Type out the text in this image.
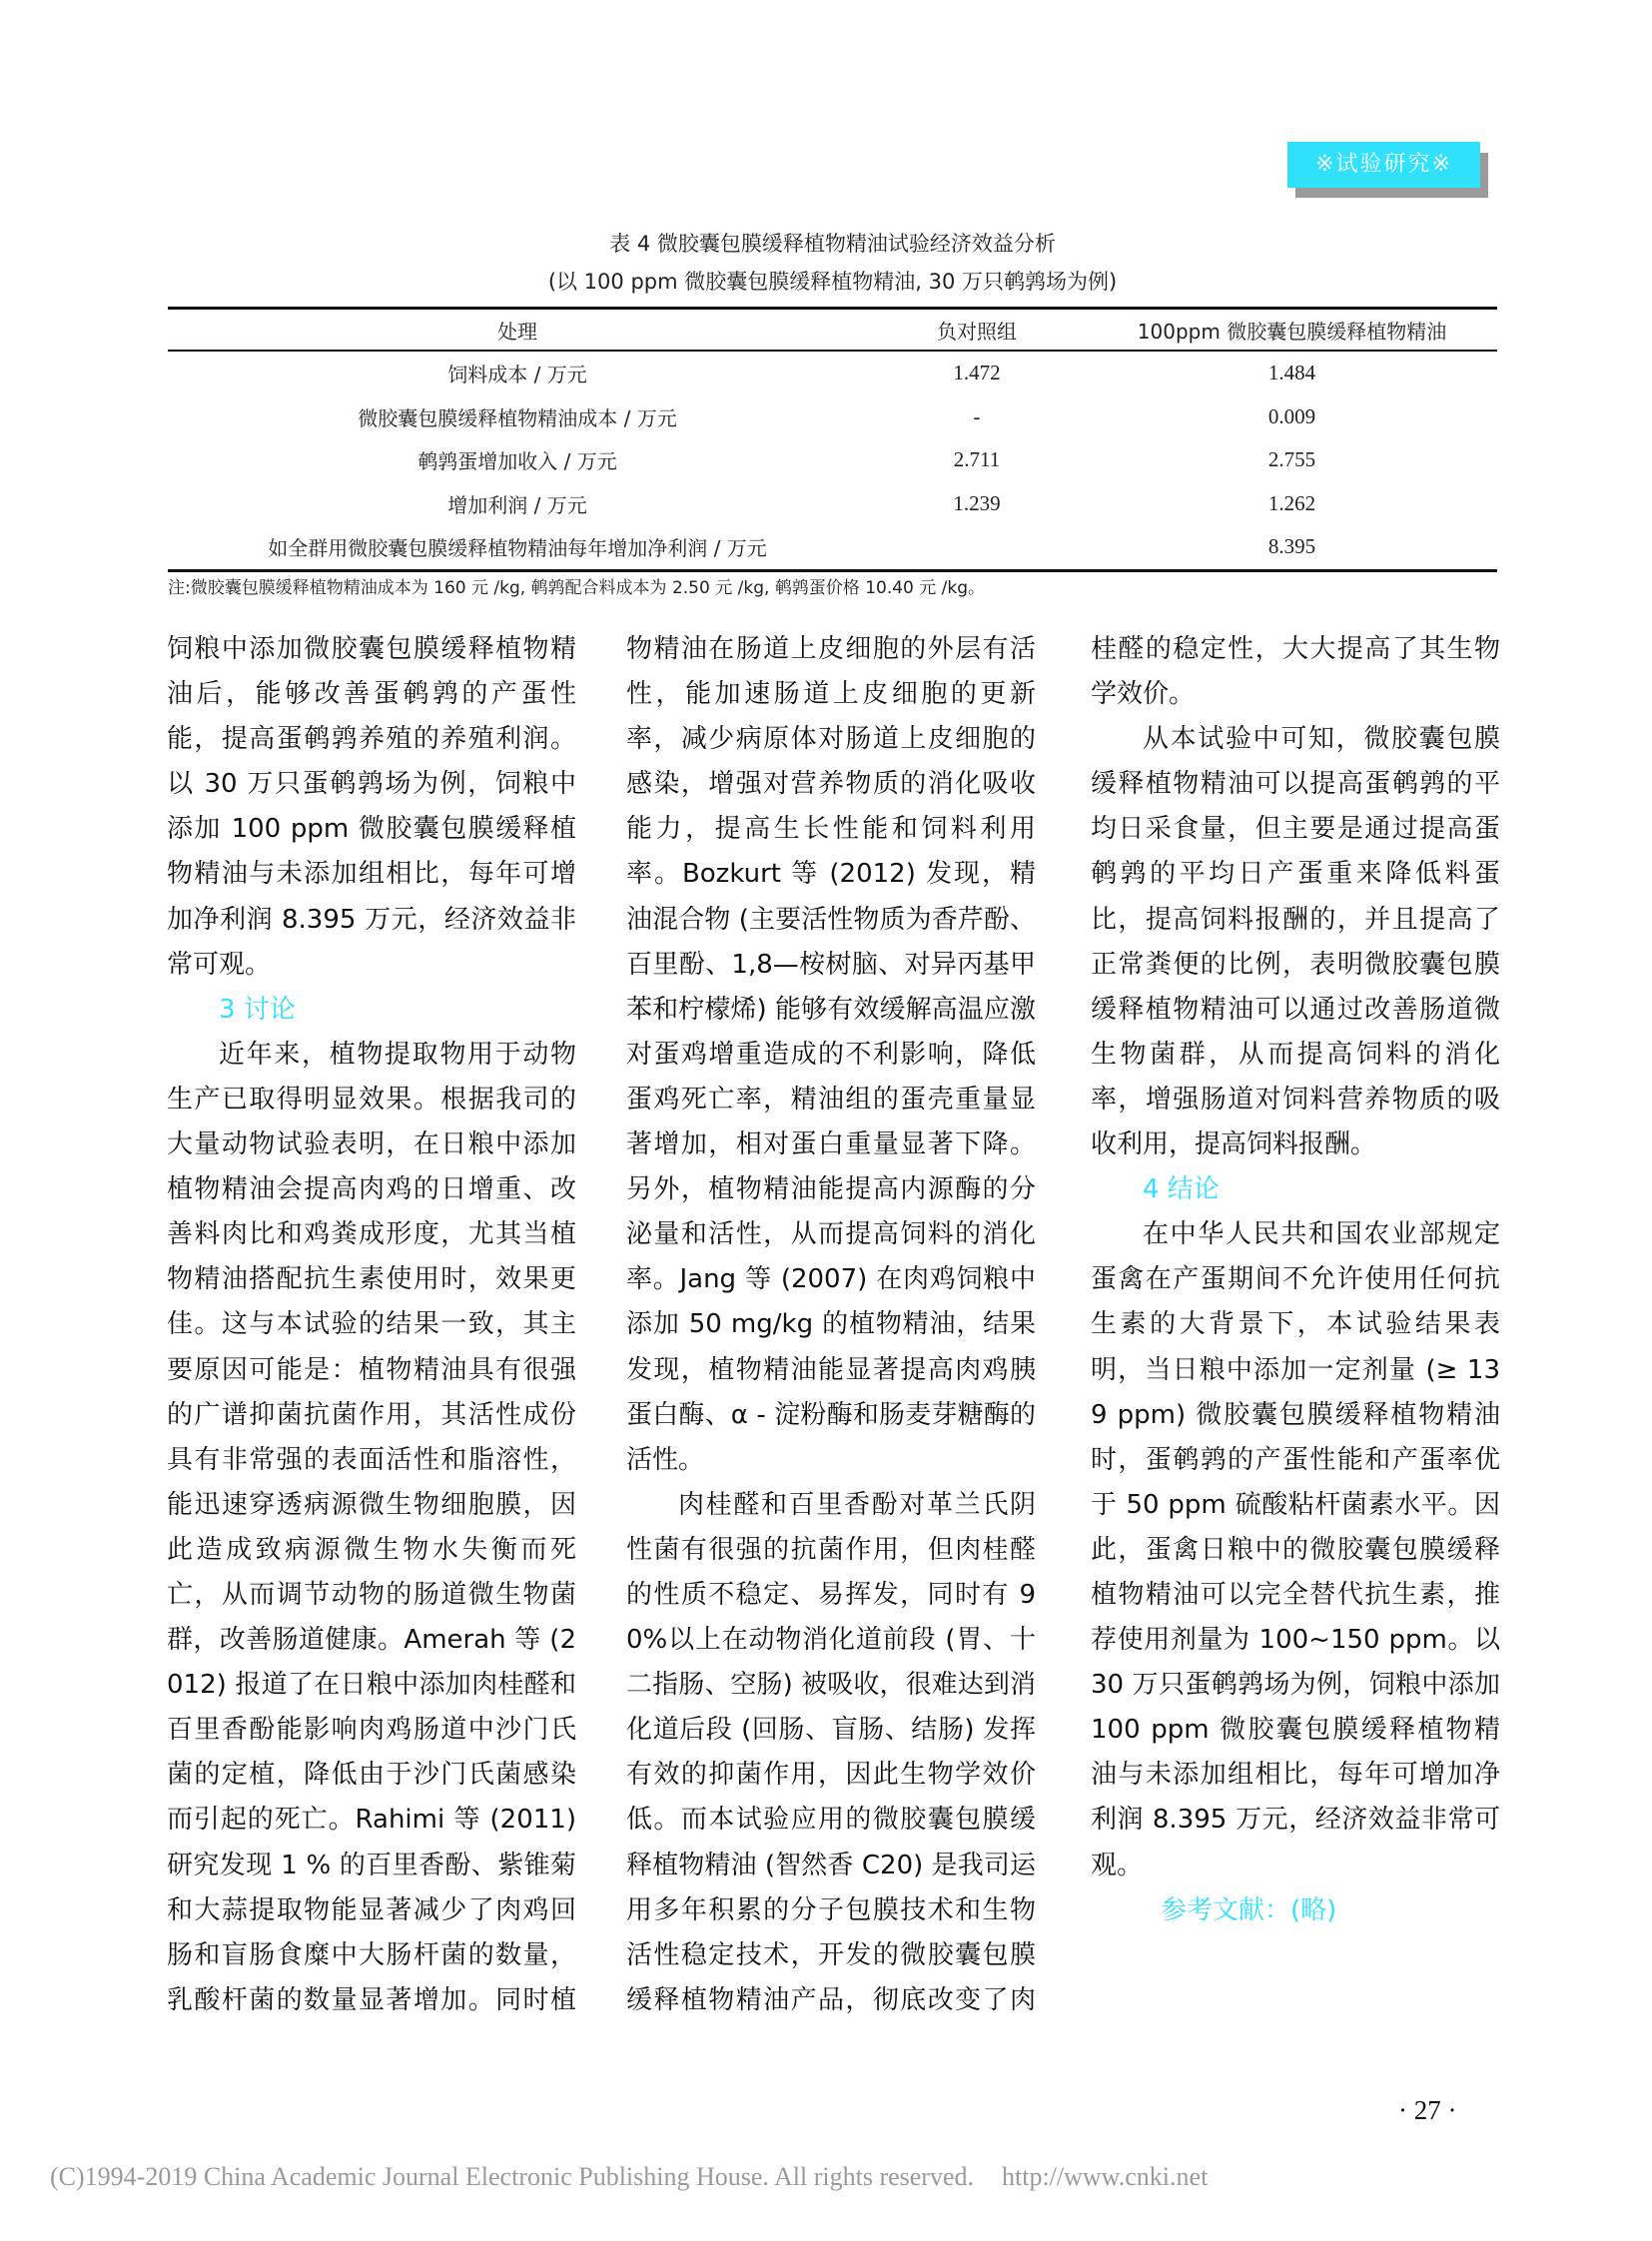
※试验研究※
表 4 微胶囊包膜缓释植物精油试验经济效益分析
(以 100 ppm 微胶囊包膜缓释植物精油, 30 万只鹌鹑场为例)
处理	负对照组	100ppm 微胶囊包膜缓释植物精油
饲料成本 / 万元	1.472	1.484
微胶囊包膜缓释植物精油成本 / 万元	-	0.009
鹌鹑蛋增加收入 / 万元	2.711	2.755
增加利润 / 万元	1.239	1.262
如全群用微胶囊包膜缓释植物精油每年增加净利润 / 万元		8.395
注:微胶囊包膜缓释植物精油成本为 160 元 /kg, 鹌鹑配合料成本为 2.50 元 /kg, 鹌鹑蛋价格 10.40 元 /kg。

饲粮中添加微胶囊包膜缓释植物精油后，能够改善蛋鹌鹑的产蛋性能，提高蛋鹌鹑养殖的养殖利润。以 30 万只蛋鹌鹑场为例，饲粮中添加 100 ppm 微胶囊包膜缓释植物精油与未添加组相比，每年可增加净利润 8.395 万元，经济效益非常可观。

3 讨论

近年来，植物提取物用于动物生产已取得明显效果。根据我司的大量动物试验表明，在日粮中添加植物精油会提高肉鸡的日增重、改善料肉比和鸡粪成形度，尤其当植物精油搭配抗生素使用时，效果更佳。这与本试验的结果一致，其主要原因可能是：植物精油具有很强的广谱抑菌抗菌作用，其活性成份具有非常强的表面活性和脂溶性，能迅速穿透病源微生物细胞膜，因此造成致病源微生物水失衡而死亡，从而调节动物的肠道微生物菌群，改善肠道健康。Amerah 等 (2012) 报道了在日粮中添加肉桂醛和百里香酚能影响肉鸡肠道中沙门氏菌的定植，降低由于沙门氏菌感染而引起的死亡。Rahimi 等 (2011) 研究发现 1 % 的百里香酚、紫锥菊和大蒜提取物能显著减少了肉鸡回肠和盲肠食糜中大肠杆菌的数量，乳酸杆菌的数量显著增加。同时植

物精油在肠道上皮细胞的外层有活性，能加速肠道上皮细胞的更新率，减少病原体对肠道上皮细胞的感染，增强对营养物质的消化吸收能力，提高生长性能和饲料利用率。Bozkurt 等 (2012) 发现，精油混合物 (主要活性物质为香芹酚、百里酚、1,8—桉树脑、对异丙基甲苯和柠檬烯) 能够有效缓解高温应激对蛋鸡增重造成的不利影响，降低蛋鸡死亡率，精油组的蛋壳重量显著增加，相对蛋白重量显著下降。另外，植物精油能提高内源酶的分泌量和活性，从而提高饲料的消化率。Jang 等 (2007) 在肉鸡饲粮中添加 50 mg/kg 的植物精油，结果发现，植物精油能显著提高肉鸡胰蛋白酶、α - 淀粉酶和肠麦芽糖酶的活性。

肉桂醛和百里香酚对革兰氏阴性菌有很强的抗菌作用，但肉桂醛的性质不稳定、易挥发，同时有 90%以上在动物消化道前段 (胃、十二指肠、空肠) 被吸收，很难达到消化道后段 (回肠、盲肠、结肠) 发挥有效的抑菌作用，因此生物学效价低。而本试验应用的微胶囊包膜缓释植物精油 (智然香 C20) 是我司运用多年积累的分子包膜技术和生物活性稳定技术，开发的微胶囊包膜缓释植物精油产品，彻底改变了肉

桂醛的稳定性，大大提高了其生物学效价。

从本试验中可知，微胶囊包膜缓释植物精油可以提高蛋鹌鹑的平均日采食量，但主要是通过提高蛋鹌鹑的平均日产蛋重来降低料蛋比，提高饲料报酬的，并且提高了正常粪便的比例，表明微胶囊包膜缓释植物精油可以通过改善肠道微生物菌群，从而提高饲料的消化率，增强肠道对饲料营养物质的吸收利用，提高饲料报酬。

4 结论

在中华人民共和国农业部规定蛋禽在产蛋期间不允许使用任何抗生素的大背景下，本试验结果表明，当日粮中添加一定剂量 (≥ 139 ppm) 微胶囊包膜缓释植物精油时，蛋鹌鹑的产蛋性能和产蛋率优于 50 ppm 硫酸粘杆菌素水平。因此，蛋禽日粮中的微胶囊包膜缓释植物精油可以完全替代抗生素，推荐使用剂量为 100~150 ppm。以 30 万只蛋鹌鹑场为例，饲粮中添加 100 ppm 微胶囊包膜缓释植物精油与未添加组相比，每年可增加净利润 8.395 万元，经济效益非常可观。

参考文献：(略)
· 27 ·
(C)1994-2019 China Academic Journal Electronic Publishing House. All rights reserved. http://www.cnki.net
